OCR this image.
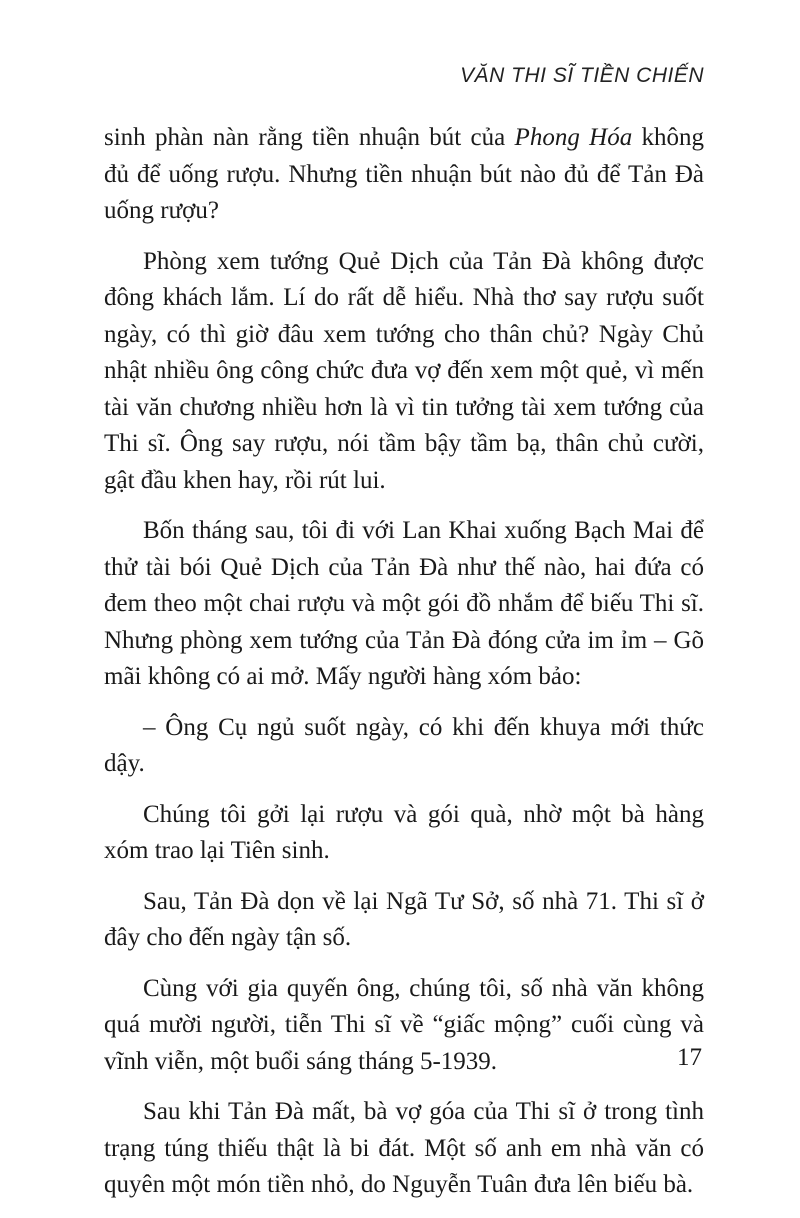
VĂN THI SĨ TIỀN CHIẾN

sinh phàn nàn rằng tiền nhuận bút của Phong Hóa không đủ để uống rượu. Nhưng tiền nhuận bút nào đủ để Tản Đà uống rượu?

Phòng xem tướng Quẻ Dịch của Tản Đà không được đông khách lắm. Lí do rất dễ hiểu. Nhà thơ say rượu suốt ngày, có thì giờ đâu xem tướng cho thân chủ? Ngày Chủ nhật nhiều ông công chức đưa vợ đến xem một quẻ, vì mến tài văn chương nhiều hơn là vì tin tưởng tài xem tướng của Thi sĩ. Ông say rượu, nói tầm bậy tầm bạ, thân chủ cười, gật đầu khen hay, rồi rút lui.

Bốn tháng sau, tôi đi với Lan Khai xuống Bạch Mai để thử tài bói Quẻ Dịch của Tản Đà như thế nào, hai đứa có đem theo một chai rượu và một gói đồ nhắm để biếu Thi sĩ. Nhưng phòng xem tướng của Tản Đà đóng cửa im ỉm – Gõ mãi không có ai mở. Mấy người hàng xóm bảo:

– Ông Cụ ngủ suốt ngày, có khi đến khuya mới thức dậy.

Chúng tôi gởi lại rượu và gói quà, nhờ một bà hàng xóm trao lại Tiên sinh.

Sau, Tản Đà dọn về lại Ngã Tư Sở, số nhà 71. Thi sĩ ở đây cho đến ngày tận số.

Cùng với gia quyến ông, chúng tôi, số nhà văn không quá mười người, tiễn Thi sĩ về “giấc mộng” cuối cùng và vĩnh viễn, một buổi sáng tháng 5-1939.

Sau khi Tản Đà mất, bà vợ góa của Thi sĩ ở trong tình trạng túng thiếu thật là bi đát. Một số anh em nhà văn có quyên một món tiền nhỏ, do Nguyễn Tuân đưa lên biếu bà.

17
